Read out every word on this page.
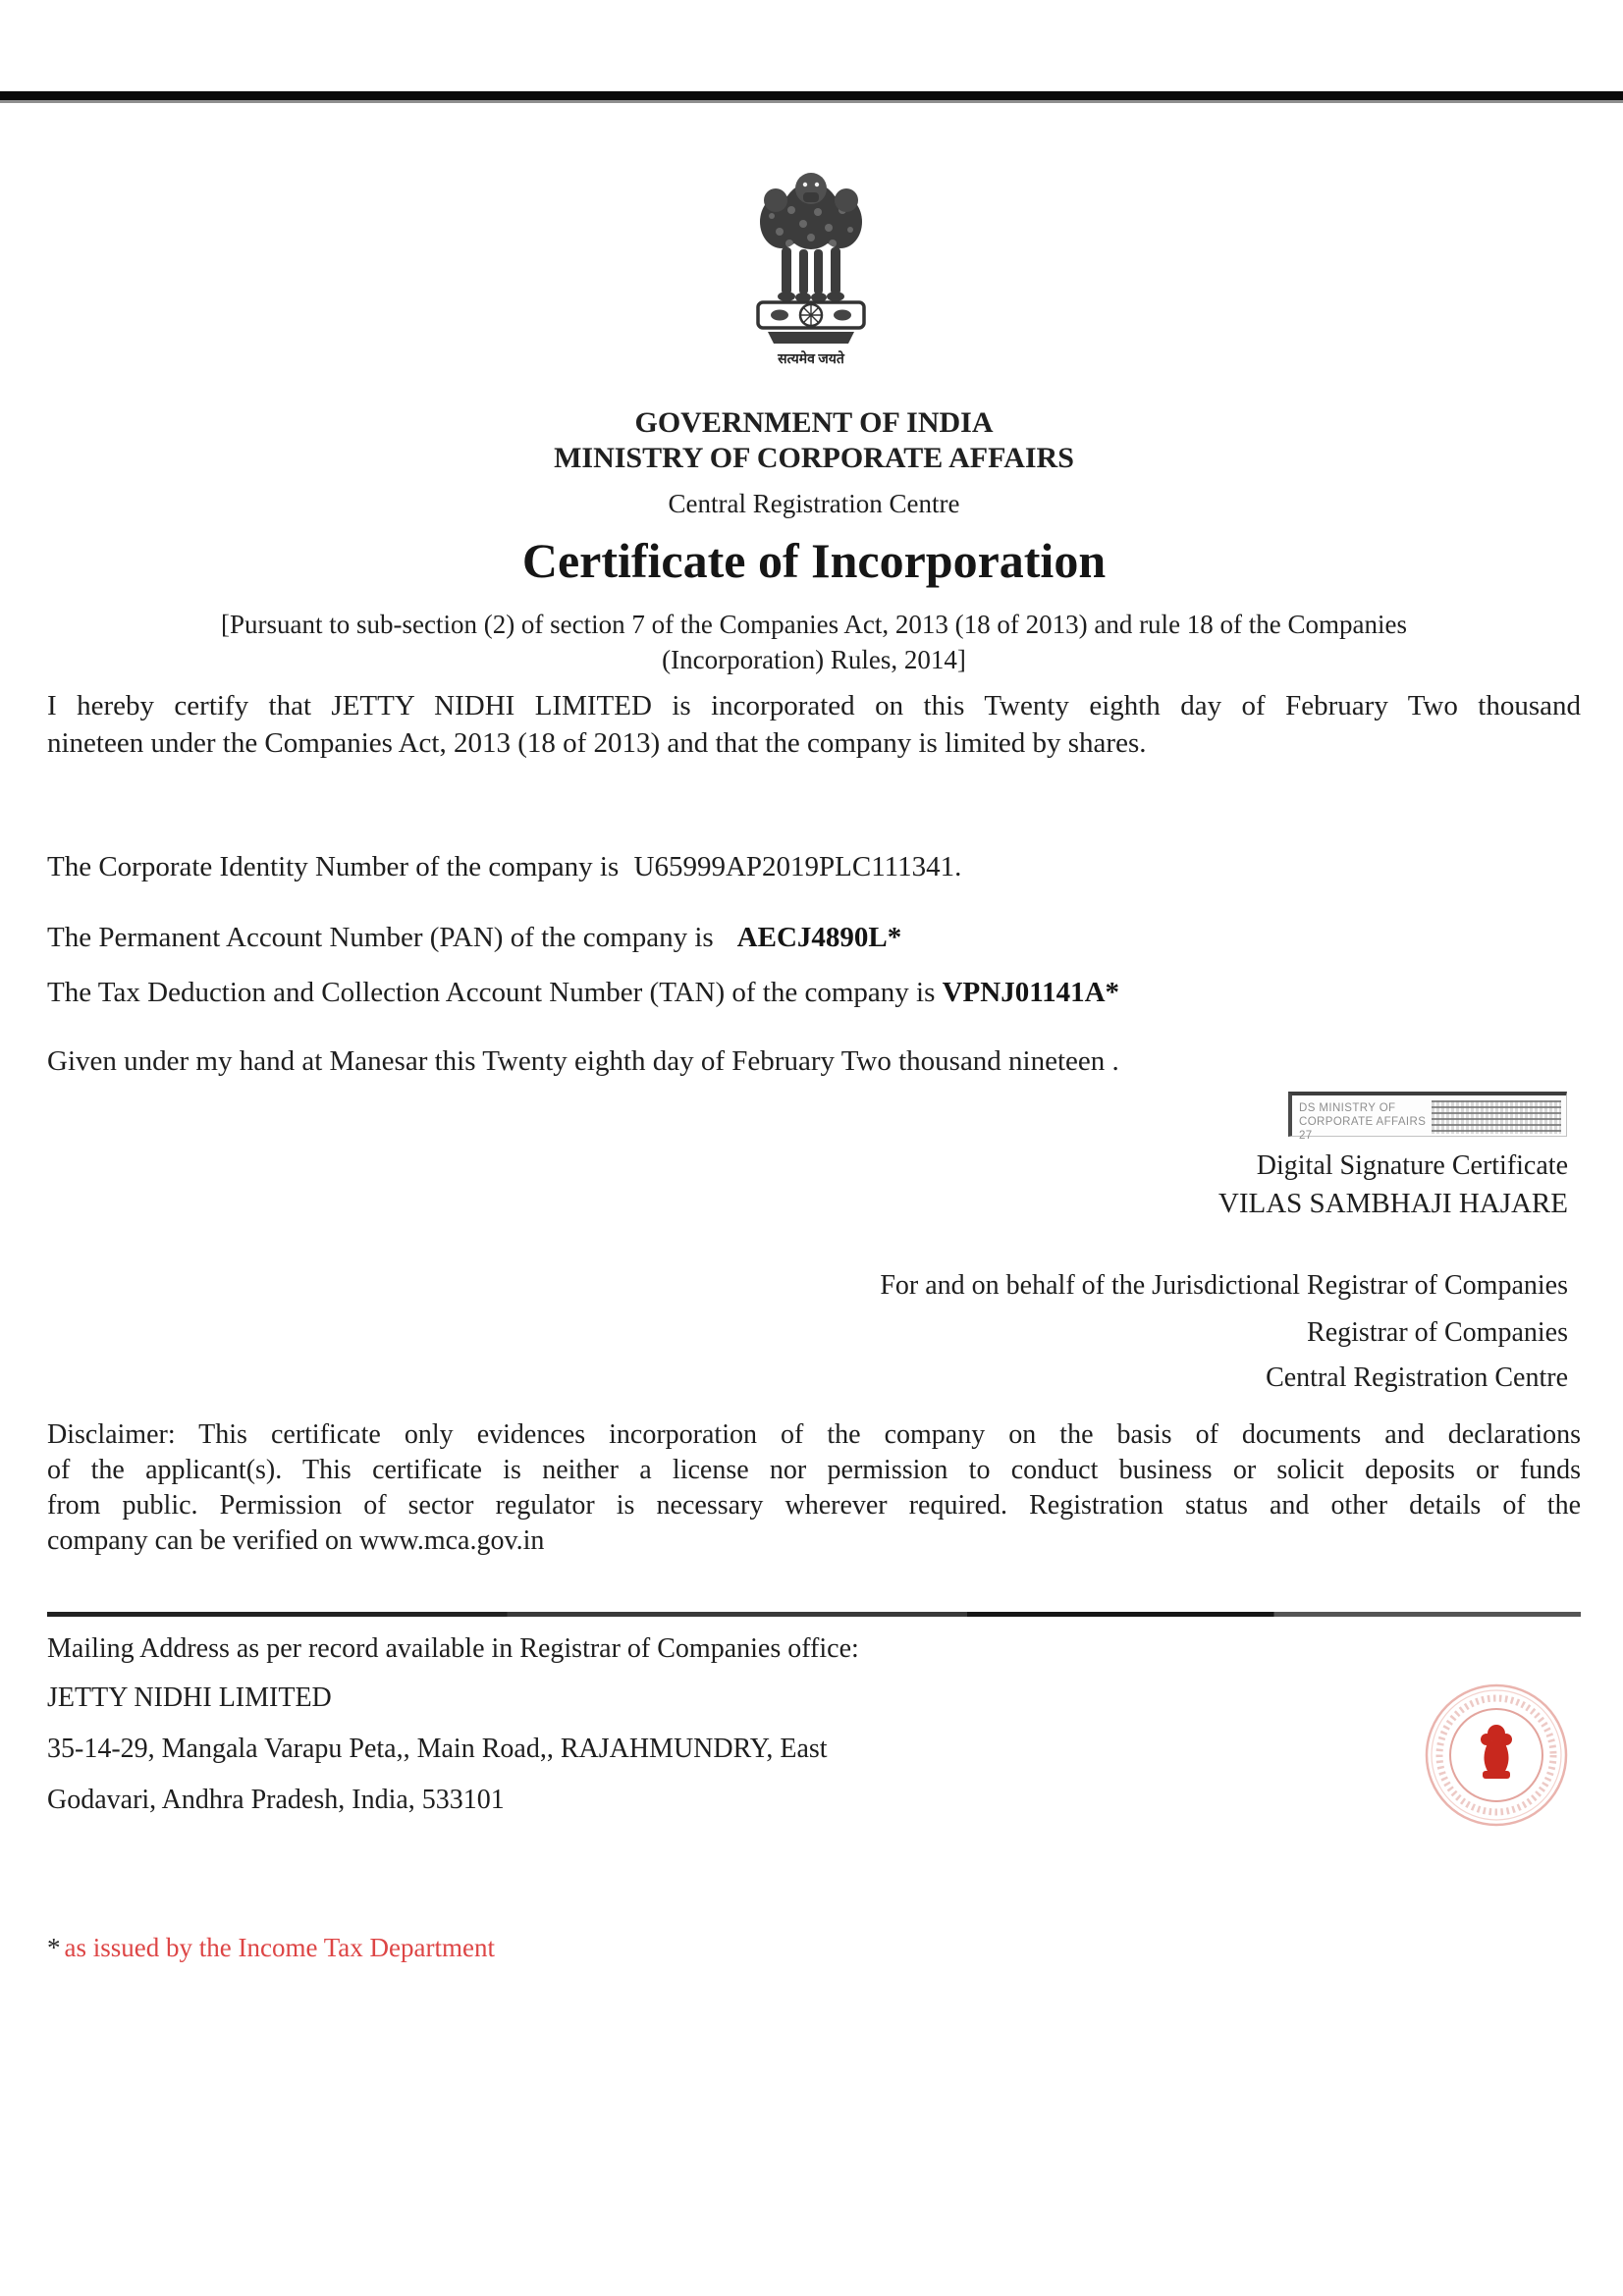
सत्यमेव जयते
GOVERNMENT OF INDIA
MINISTRY OF CORPORATE AFFAIRS
Central Registration Centre
Certificate of Incorporation
[Pursuant to sub-section (2) of section 7 of the Companies Act, 2013 (18 of 2013) and rule 18 of the Companies
(Incorporation) Rules, 2014]
I hereby certify that JETTY NIDHI LIMITED is incorporated on this Twenty eighth day of February Two thousand
nineteen under the Companies Act, 2013 (18 of 2013) and that the company is limited by shares.

The Corporate Identity Number of the company is U65999AP2019PLC111341.

The Permanent Account Number (PAN) of the company is AECJ4890L*

The Tax Deduction and Collection Account Number (TAN) of the company is VPNJ01141A*

Given under my hand at Manesar this Twenty eighth day of February Two thousand nineteen .

DS MINISTRY OF
CORPORATE AFFAIRS 27
Digital Signature Certificate
VILAS SAMBHAJI HAJARE
For and on behalf of the Jurisdictional Registrar of Companies
Registrar of Companies
Central Registration Centre
Disclaimer: This certificate only evidences incorporation of the company on the basis of documents and declarations
of the applicant(s). This certificate is neither a license nor permission to conduct business or solicit deposits or funds
from public. Permission of sector regulator is necessary wherever required. Registration status and other details of the
company can be verified on www.mca.gov.in
Mailing Address as per record available in Registrar of Companies office:
JETTY NIDHI LIMITED
35-14-29, Mangala Varapu Peta,, Main Road,, RAJAHMUNDRY, East
Godavari, Andhra Pradesh, India, 533101

* as issued by the Income Tax Department
